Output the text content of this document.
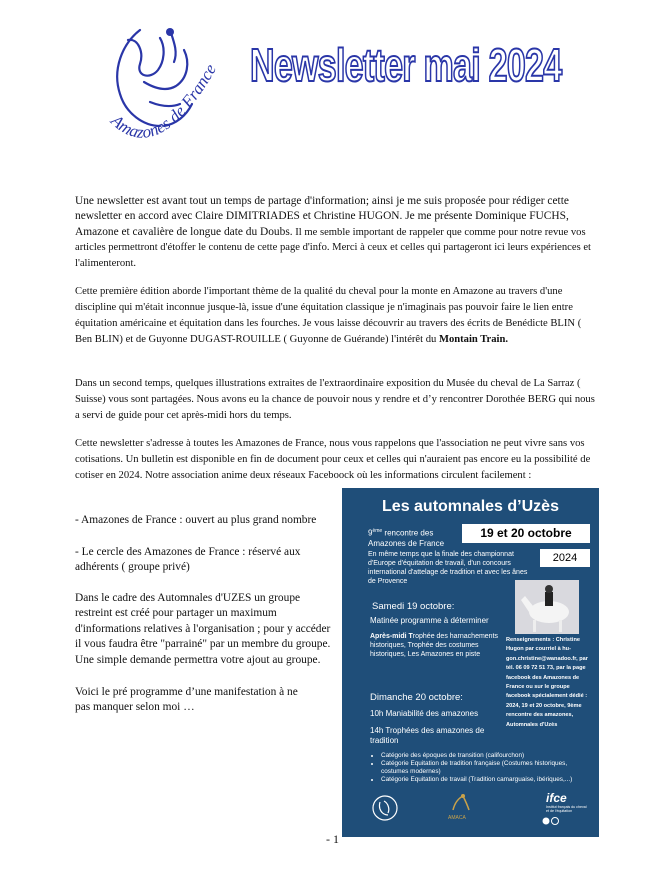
Amazones de France Newsletter mai 2024
Une newsletter est avant tout un temps de partage d'information; ainsi je me suis proposée pour rédiger cette newsletter en accord avec Claire DIMITRIADES et Christine HUGON. Je me présente Dominique FUCHS, Amazone et cavalière de longue date du Doubs. Il me semble important de rappeler que comme pour notre revue vos articles permettront d'étoffer le contenu de cette page d'info. Merci à ceux et celles qui partageront ici leurs expériences et l'alimenteront.
Cette première édition aborde l'important thème de la qualité du cheval pour la monte en Amazone au travers d'une discipline qui m'était inconnue jusque-là, issue d'une équitation classique je n'imaginais pas pouvoir faire le lien entre équitation américaine et équitation dans les fourches. Je vous laisse découvrir au travers des écrits de Benédicte BLIN ( Ben BLIN) et de Guyonne DUGAST-ROUILLE ( Guyonne de Guérande) l'intérêt du Montain Train.
Dans un second temps, quelques illustrations extraites de l'extraordinaire exposition du Musée du cheval de La Sarraz ( Suisse) vous sont partagées. Nous avons eu la chance de pouvoir nous y rendre et d’y rencontrer Dorothée BERG qui nous a servi de guide pour cet après-midi hors du temps.
Cette newsletter s'adresse à toutes les Amazones de France, nous vous rappelons que l'association ne peut vivre sans vos cotisations. Un bulletin est disponible en fin de document pour ceux et celles qui n'auraient pas encore eu la possibilité de cotiser en 2024. Notre association anime deux réseaux Faceboock où les informations circulent facilement :
- Amazones de France : ouvert au plus grand nombre
- Le cercle des Amazones de France : réservé aux adhérents ( groupe privé)
Dans le cadre des Automnales d'UZES un groupe restreint est créé pour partager un maximum d'informations relatives à l'organisation ; pour y accéder il vous faudra être "parrainé" par un membre du groupe. Une simple demande permettra votre ajout au groupe.
Voici le pré programme d’une manifestation à ne pas manquer selon moi …
Les automnales d’Uzès
9ème rencontre des Amazones de France
19 et 20 octobre
2024
En même temps que la finale des championnat d'Europe d'équitation de travail, d'un concours international d'attelage de tradition et avec les ânes de Provence
Samedi 19 octobre:
Matinée programme à déterminer
Après-midi Trophée des harnachements historiques, Trophée des costumes historiques, Les Amazones en piste
Renseignements : Christine Hugon par courriel à hu-gon.christine@wanadoo.fr, par tél. 06 09 72 51 73, par la page facebook des Amazones de France ou sur le groupe facebook spécialement dédié : 2024, 19 et 20 octobre, 9ème rencontre des amazones, Automnales d'Uzès
Dimanche 20 octobre:
10h Maniabilité des amazones
14h Trophées des amazones de tradition
• Catégorie des époques de transition (califourchon)
• Catégorie Equitation de tradition française (Costumes historiques, costumes modernes)
• Catégorie Equitation de travail (Tradition camarguaise, ibériques,...)
AMACA
ifce
Institut français du cheval et de l'équitation
- 1
